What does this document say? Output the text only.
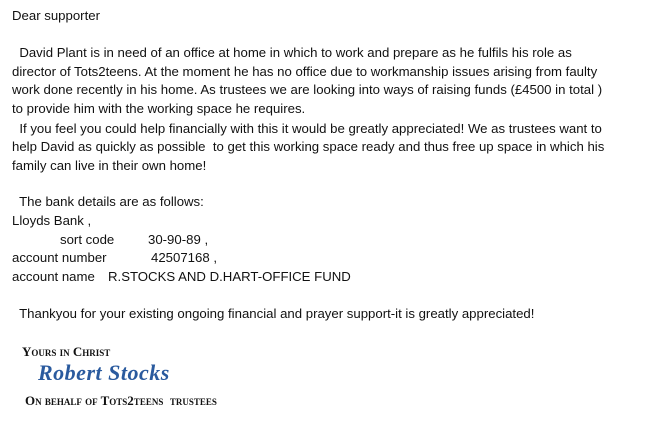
Dear supporter
David Plant is in need of an office at home in which to work and prepare as he fulfils his role as
director of Tots2teens. At the moment he has no office due to workmanship issues arising from faulty
work done recently in his home. As trustees we are looking into ways of raising funds (£4500 in total )
to provide him with the working space he requires.
If you feel you could help financially with this it would be greatly appreciated! We as trustees want to
help David as quickly as possible  to get this working space ready and thus free up space in which his
family can live in their own home!
The bank details are as follows:
Lloyds Bank ,
sort code	30-90-89 ,
account number	42507168 ,
account name R.STOCKS AND D.HART-OFFICE FUND
Thankyou for your existing ongoing financial and prayer support-it is greatly appreciated!
Yours in Christ
Robert Stocks
On behalf of Tots2teens  trustees
